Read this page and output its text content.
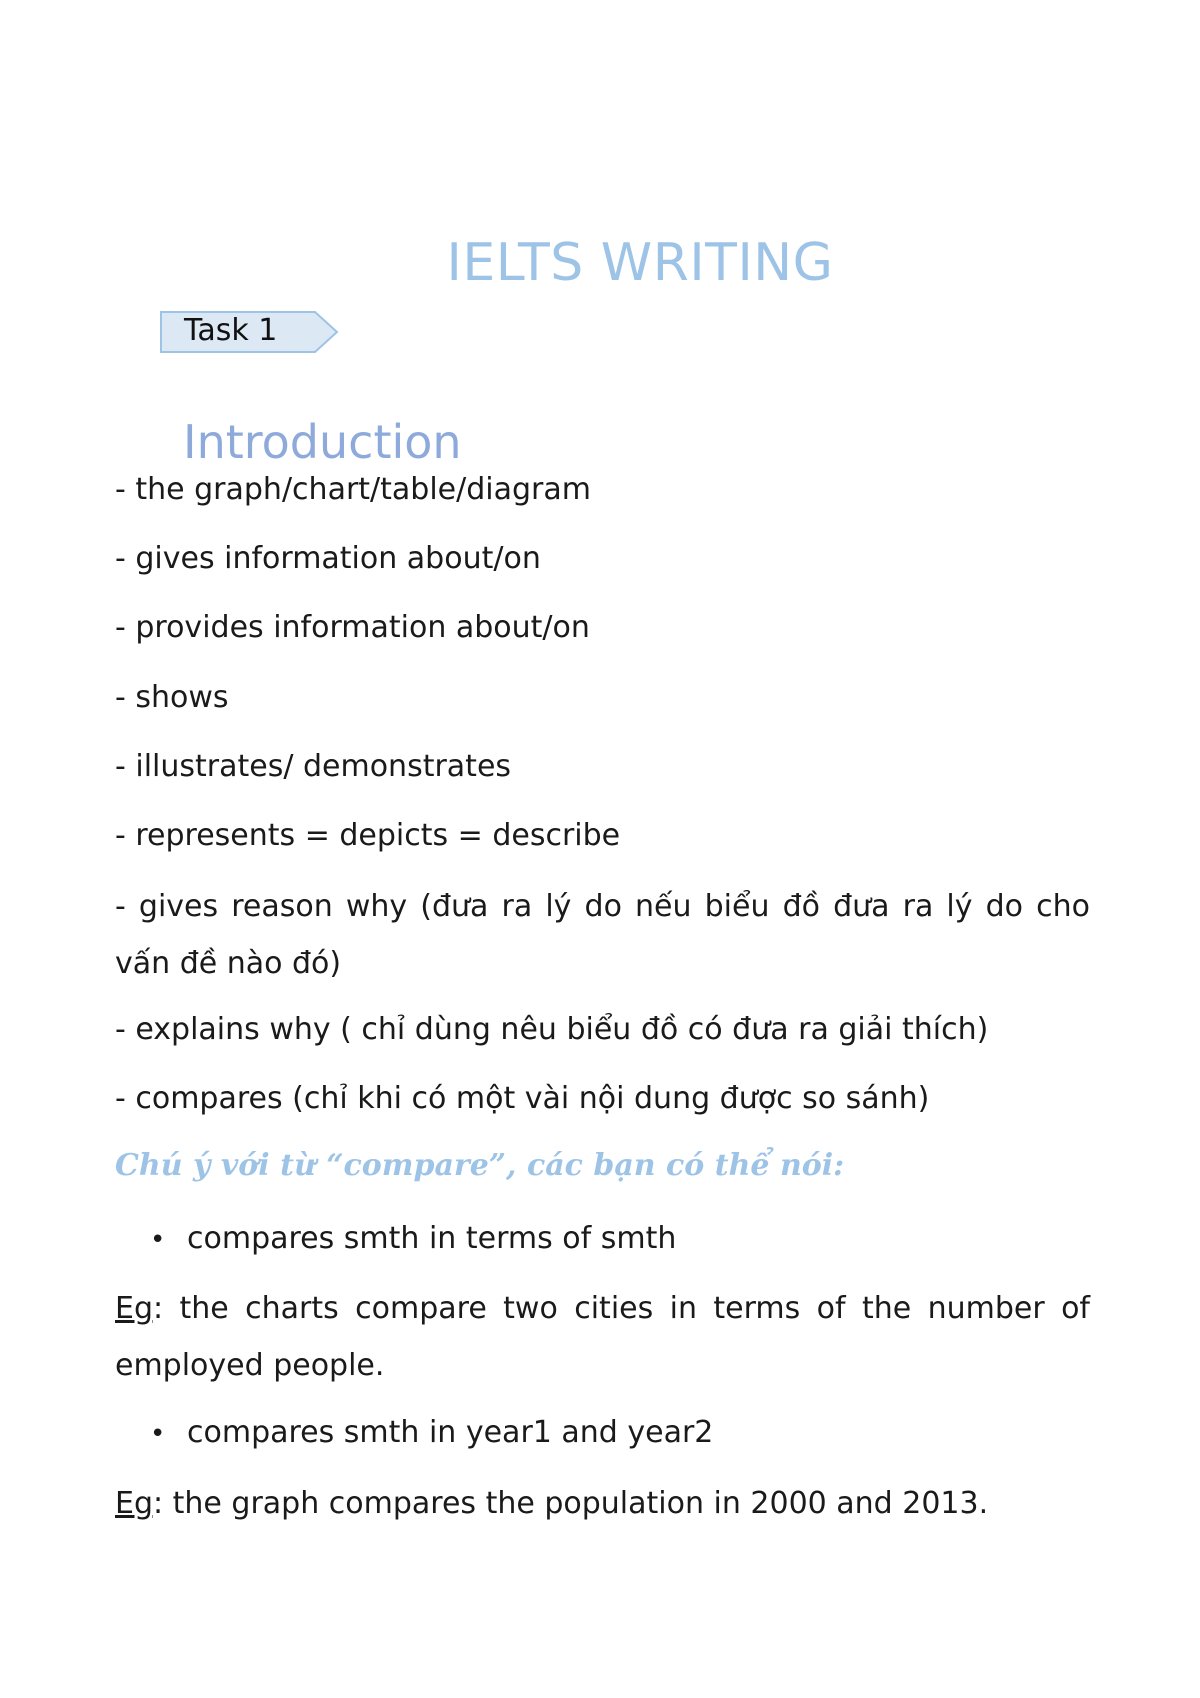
IELTS WRITING
Task 1
Introduction
- the graph/chart/table/diagram
- gives information about/on
- provides information about/on
- shows
- illustrates/ demonstrates
- represents = depicts = describe
- gives reason why (đưa ra lý do nếu biểu đồ đưa ra lý do cho vấn đề nào đó)
- explains why ( chỉ dùng nêu biểu đồ có đưa ra giải thích)
- compares (chỉ khi có một vài nội dung được so sánh)
Chú ý với từ “compare”, các bạn có thể nói:
• compares smth in terms of smth
Eg: the charts compare two cities in terms of the number of employed people.
• compares smth in year1 and year2
Eg: the graph compares the population in 2000 and 2013.
